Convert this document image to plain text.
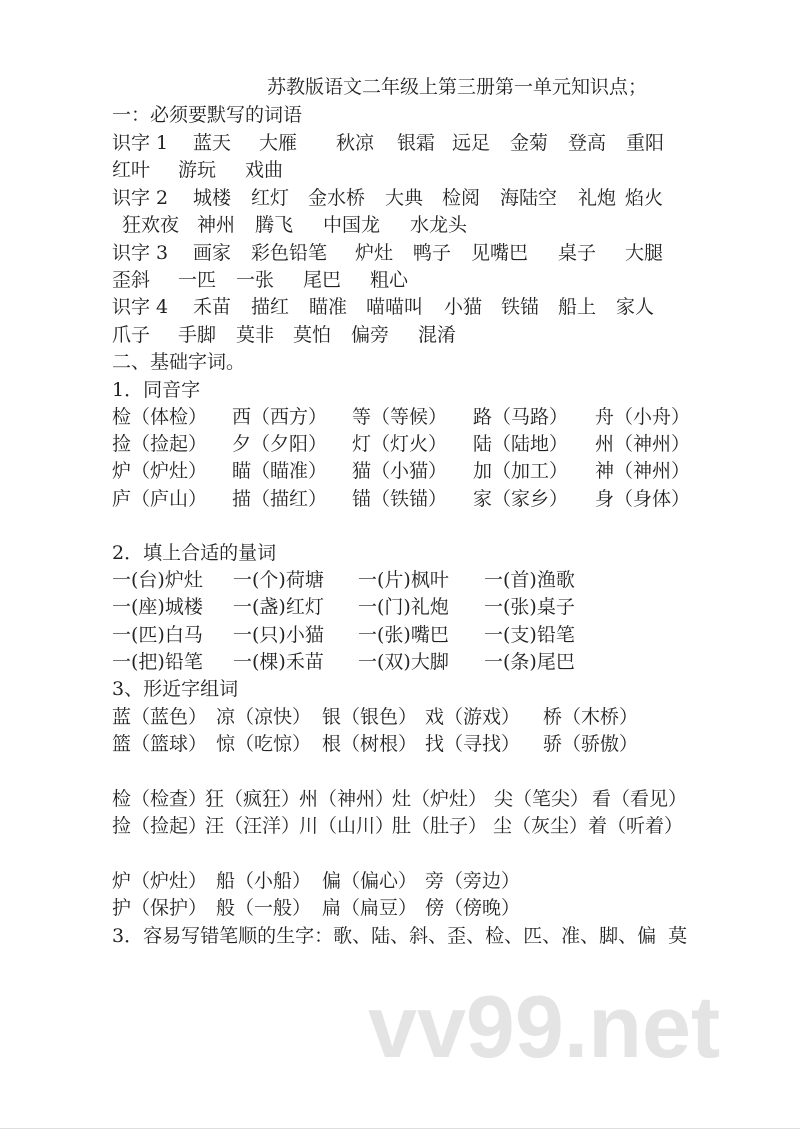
苏教版语文二年级上第三册第一单元知识点；
一：必须要默写的词语
识字 1 蓝天 大雁 秋凉 银霜 远足 金菊 登高 重阳
红叶 游玩 戏曲
识字 2 城楼 红灯 金水桥 大典 检阅 海陆空 礼炮 焰火
狂欢夜 神州 腾飞 中国龙 水龙头
识字 3 画家 彩色铅笔 炉灶 鸭子 见嘴巴 桌子 大腿
歪斜 一匹 一张 尾巴 粗心
识字 4 禾苗 描红 瞄准 喵喵叫 小猫 铁锚 船上 家人
爪子 手脚 莫非 莫怕 偏旁 混淆
二、基础字词。
1．同音字
检（体检） 西（西方） 等（等候） 路（马路） 舟（小舟）
捡（捡起） 夕（夕阳） 灯（灯火） 陆（陆地） 州（神州）
炉（炉灶） 瞄（瞄准） 猫（小猫） 加（加工） 神（神州）
庐（庐山） 描（描红） 锚（铁锚） 家（家乡） 身（身体）
2．填上合适的量词
一(台)炉灶 一(个)荷塘 一(片)枫叶 一(首)渔歌
一(座)城楼 一(盏)红灯 一(门)礼炮 一(张)桌子
一(匹)白马 一(只)小猫 一(张)嘴巴 一(支)铅笔
一(把)铅笔 一(棵)禾苗 一(双)大脚 一(条)尾巴
3、形近字组词
蓝（蓝色） 凉（凉快） 银（银色） 戏（游戏） 桥（木桥）
篮（篮球） 惊（吃惊） 根（树根） 找（寻找） 骄（骄傲）
检（检查）
狂（疯狂）
州（神州）
灶（炉灶） 尖（笔尖） 看（看见）
捡（捡起）
汪（汪洋）
川（山川）
肚（肚子） 尘（灰尘） 着（听着）
炉（炉灶） 船（小船） 偏（偏心） 旁（旁边）
护（保护） 般（一般） 扁（扁豆） 傍（傍晚）
3．容易写错笔顺的生字：歌、陆、斜、歪、检、匹、准、脚、偏  莫
vv99.net
